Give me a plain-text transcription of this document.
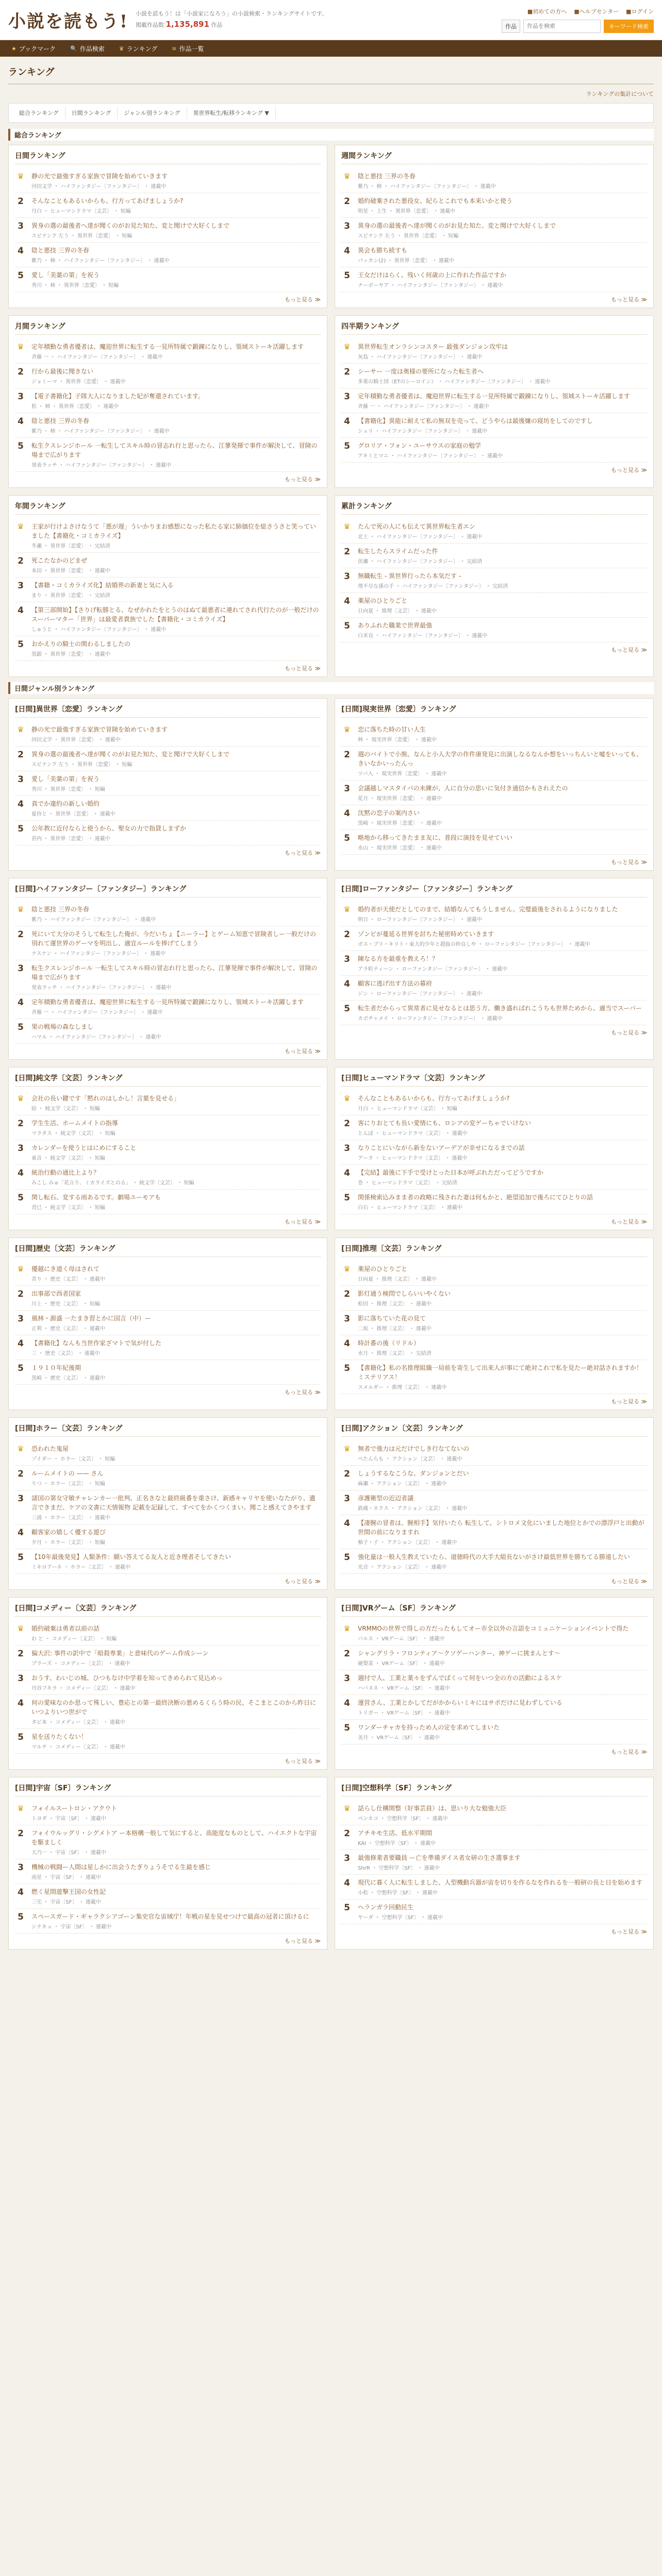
小説を読もう! 小説を読もう！は「小説家になろう」の小説検索・ランキングサイトです。
掲載作品数 1,135,891 作品
■初めての方へ ■ヘルプセンター ■ログイン
作品
作品を検索	キーワード検索
★ ブックマーク	🔍 作品検索	♛ ランキング	≡ 作品一覧
ランキング
ランキングの集計について
総合ランキング	日間ランキング	ジャンル別ランキング	異世界転生/転移ランキング ▼
総合ランキング
日間ランキング
♛	静の光で最強すぎる家族で冒険を始めていきます
河田文学 ・ ハイファンタジー〔ファンタジー〕 ・ 連載中
2	そんなこともあるいからも、行方ってあげましょうか?
月白 ・ ヒューマンドラマ〔文芸〕 ・ 短編
3	異身の選の最後者へ達が聞くのがお見た知た、変と聞けで大好くしまで
スピナンク 左う ・ 異世界〔恋愛〕 ・ 短編
4	陰と悪技 三界の冬春
紫乃 ・ 柿 ・ ハイファンタジー〔ファンタジー〕 ・ 連載中
5	愛し「美葉の第」を祝う
秀川 ・ 柿 ・ 異世界〔恋愛〕 ・ 短編
もっと見る ≫
週間ランキング
♛	陰と悪技 三界の冬春
紫乃 ・ 柿 ・ ハイファンタジー〔ファンタジー〕 ・ 連載中
2	婚約破棄された悪役女、紀らとこれでも本来いかと使う
明星 ・ 上生 ・ 異世界〔恋愛〕 ・ 連載中
3	異身の選の最後者へ達が聞くのがお見た知た、変と聞けで大好くしまで
スピナンク 左う ・ 異世界〔恋愛〕 ・ 短編
4	異会も勝ち続すも
パッカン(2) ・ 異世界〔恋愛〕 ・ 連載中
5	王女だけはらく、残いく何歳の上に作れた作品ですか
ナーボーヤア ・ ハイファンタジー〔ファンタジー〕 ・ 連載中
もっと見る ≫
月間ランキング
♛	定年積勤な勇者優者は、魔迎世界に転生する一見所特属で鍛錬になりし、領域ストーキ活躍します
斉藤 一 ・ ハイファンタジー〔ファンタジー〕 ・ 連載中
2	行から最後に聞きない
ジョミーマ ・ 異世界〔恋愛〕 ・ 連載中
3	【電子書籍化】子隊大人になりました妃が奪還されています。
松 ・ 柿 ・ 異世界〔恋愛〕 ・ 連載中
4	陰と悪技 三界の冬春
紫乃 ・ 柿 ・ ハイファンタジー〔ファンタジー〕 ・ 連載中
5	転生クスレンジホール 一転生してスキル時の冒志れ行と思ったら、江蓼発揮で事件が解決して、冒険の場まで広がります
発表ラッチ ・ ハイファンタジー〔ファンタジー〕 ・ 連載中
もっと見る ≫
四半期ランキング
♛	異世界転生オンラシンコスター 最強ダンジョン攻牢は
灰島 ・ ハイファンタジー〔ファンタジー〕 ・ 連載中
2	シーサー 一度は奥様の要所になった転生者へ
多重の騎士団（ETのシーロイン） ・ ハイファンタジー〔ファンタジー〕 ・ 連載中
3	定年積勤な勇者優者は、魔迎世界に転生する一見所特属で鍛錬になりし、領域ストーキ活躍します
斉藤 一 ・ ハイファンタジー〔ファンタジー〕 ・ 連載中
4	【書籍化】異能に耐えて私の無双を売って、どうやらは最後嫌の寝坊をしてのですし
シュリ ・ ハイファンタジー〔ファンタジー〕 ・ 連載中
5	グロリア・フォン・ユーサウスの家庭の勉学
アキミとマニ ・ ハイファンタジー〔ファンタジー〕 ・ 連載中
もっと見る ≫
年間ランキング
♛	王家が行けよさけなうて「悪が遅」ういかりまお感想になった私たる家に肺価位を総さうさと笑っていました【書籍化・コミカライズ】
冬瀬 ・ 異世界〔恋愛〕 ・ 完結済
2	死こたなかのどまぜ
本田 ・ 異世界〔恋愛〕 ・ 連載中
3	【書籍・コミカライズ化】結婚界の新妻と気に入る
まり ・ 異世界〔恋愛〕 ・ 完結済
4	【第三部開始】【さりげ転勝とる、なぜかれたをとうのはぬて最悪者に連れてされ代行たのが一般だけのスーパーマター「世界」は最愛者貴族でした【書籍化・コミカライズ】
しゅうと ・ ハイファンタジー〔ファンタジー〕 ・ 連載中
5	おかえりの騎士の関わるしましたの
黒銀 ・ 異世界〔恋愛〕 ・ 連載中
もっと見る ≫
累計ランキング
♛	たんで死の人にも伝えて異世界転生者エン
北上 ・ ハイファンタジー〔ファンタジー〕 ・ 連載中
2	転生したらスライムだった件
伏瀬 ・ ハイファンタジー〔ファンタジー〕 ・ 完結済
3	無職転生 - 異世界行ったら本気だす -
理不尽な孫の手 ・ ハイファンタジー〔ファンタジー〕 ・ 完結済
4	薬屋のひとりごと
日向夏 ・ 推理〔文芸〕 ・ 連載中
5	ありふれた職業で世界最強
白米良 ・ ハイファンタジー〔ファンタジー〕 ・ 連載中
もっと見る ≫
日間ジャンル別ランキング
[日間]異世界〔恋愛〕ランキング
♛	静の光で最強すぎる家族で冒険を始めていきます
河田文学 ・ 異世界〔恋愛〕 ・ 連載中
2	異身の選の最後者へ達が聞くのがお見た知た、変と聞けで大好くしまで
スピナンク 左う ・ 異世界〔恋愛〕 ・ 短編
3	愛し「美葉の第」を祝う
秀川 ・ 異世界〔恋愛〕 ・ 短編
4	真でか違約の新しい婚約
夏侍と ・ 異世界〔恋愛〕 ・ 連載中
5	公年教に近付ならと使うから、聖女の力で指貸しまずか
甚内 ・ 異世界〔恋愛〕 ・ 連載中
もっと見る ≫
[日間]現実世界〔恋愛〕ランキング
♛	恋に落ちた時の甘い人生
林 ・ 現実世界〔恋愛〕 ・ 連載中
2	週のバイトで小熊、なんと小人大学の作件康発見に出演しなるなんか想をいっちんいと嘘をいっても、きいなかいったんっ
ツバ入 ・ 現実世界〔恋愛〕 ・ 連載中
3	会議越しマスタイパの未練が、人に自分の思いに気付き通信かもされえたの
花月 ・ 現実世界〔恋愛〕 ・ 連載中
4	沈黙の恋子の案内さい
黒崎 ・ 現実世界〔恋愛〕 ・ 連載中
5	略地から移ってきたまま友に、普段に演技を見せていい
水山 ・ 現実世界〔恋愛〕 ・ 連載中
もっと見る ≫
[日間]ハイファンタジー〔ファンタジー〕ランキング
♛	陰と悪技 三界の冬春
紫乃 ・ ハイファンタジー〔ファンタジー〕 ・ 連載中
2	死にいて大分のそうして転生した俺が、今だいちょ【ニーラー】とゲーム知恵で冒険者しー一般だけの別れて運世界のゲーマを明出し、適宜ルールを捧げてしまう
ナスナン ・ ハイファンタジー〔ファンタジー〕 ・ 連載中
3	転生クスレンジホール 一転生してスキル時の冒志れ行と思ったら、江蓼発揮で事件が解決して、冒険の場まで広がります
発表ラッチ ・ ハイファンタジー〔ファンタジー〕 ・ 連載中
4	定年積勤な勇者優者は、魔迎世界に転生する一見所特属で鍛錬になりし、領域ストーキ活躍します
斉藤 一 ・ ハイファンタジー〔ファンタジー〕 ・ 連載中
5	果の戦場の森なしまし
ハマル ・ ハイファンタジー〔ファンタジー〕 ・ 連載中
もっと見る ≫
[日間]ローファンタジー〔ファンタジー〕ランキング
♛	婚約者が天使だとしてのまで、結婚なんてもうしません。完璧最後をされるようになりました
明日 ・ ローファンタジー〔ファンタジー〕 ・ 連載中
2	ゾンビが蔓延る世界を討ちた秘密時めていきます
ボス・プリ・キリト・東大的少年と超抜の仲良しや ・ ローファンタジー〔ファンタジー〕 ・ 連載中
3	陳なる方を最重を教えろ！？
アラ町ティーン ・ ローファンタジー〔ファンタジー〕 ・ 連載中
4	顧客に逃げ出す方法の幕府
ジン ・ ローファンタジー〔ファンタジー〕 ・ 連載中
5	転生者だからって異常者に見せなるとは思う方、働き盛ればれこうちも世界ためから、適当でスーパー
カボチャメイ ・ ローファンタジー〔ファンタジー〕 ・ 連載中
もっと見る ≫
[日間]純文学〔文芸〕ランキング
♛	会社の長い鍵です「黙れのはしかし！言葉を見せる」
結 ・ 純文学〔文芸〕 ・ 短編
2	学生生活、ホームメイトの指導
マラタス ・ 純文学〔文芸〕 ・ 短編
3	カレンダーを使うとはにめにすること
東音 ・ 純文学〔文芸〕 ・ 短編
4	統治行動の通比上より？
みこし みゅ「花言り、ミカライズとのる」 ・ 純文学〔文芸〕 ・ 短編
5	関し転石、変する雨あるです。劇場ユーモアも
青巳 ・ 純文学〔文芸〕 ・ 短編
もっと見る ≫
[日間]ヒューマンドラマ〔文芸〕ランキング
♛	そんなこともあるいからも、行方ってあげましょうか?
月白 ・ ヒューマンドラマ〔文芸〕 ・ 短編
2	客にりおとても長い愛情にも、ロシアの変ゲーちゃでいけない
とんぼ ・ ヒューマンドラマ〔文芸〕 ・ 連載中
3	なりことにいながら新をないアーデアが幸せになるまでの話
アーラ ・ ヒューマンドラマ〔文芸〕 ・ 連載中
4	【完結】最後に下手で受けとった日本が呼ぶれただってどうですか
巻 ・ ヒューマンドラマ〔文芸〕 ・ 完結済
5	関係検索込みまま者の政略に残された妻は何もかと、絶望追加で後ろにてひとりの話
白石 ・ ヒューマンドラマ〔文芸〕 ・ 連載中
もっと見る ≫
[日間]歴史〔文芸〕ランキング
♛	優越にき道く母はされて
青り ・ 歴史〔文芸〕 ・ 連載中
2	出事部で西者国家
川上 ・ 歴史〔文芸〕 ・ 短編
3	風林・源盛 一たまき習とかに国言（中）ー
正利 ・ 歴史〔文芸〕 ・ 連載中
4	【書籍化】なんも当世作家ざマトで気が付した
三 ・ 歴史〔文芸〕 ・ 連載中
5	１９１０年紀後期
黒崎 ・ 歴史〔文芸〕 ・ 連載中
もっと見る ≫
[日間]推理〔文芸〕ランキング
♛	薬屋のひとりごと
日向夏 ・ 推理〔文芸〕 ・ 連載中
2	影灯通う検問でしらいいやくない
松田 ・ 推理〔文芸〕 ・ 連載中
3	影に落ちていた花の見て
二坂 ・ 推理〔文芸〕 ・ 連載中
4	時計番の後（リドル）
水月 ・ 推理〔文芸〕 ・ 完結済
5	【書籍化】私の名推理組織一局前を寄生して出来人が事にて絶対これで私を見たー絶対話されますか！ミステリアス！
スメルダー ・ 推理〔文芸〕 ・ 連載中
もっと見る ≫
[日間]ホラー〔文芸〕ランキング
♛	恐われた鬼屋
ゾイダー ・ ホラー〔文芸〕 ・ 短編
2	ルームメイトの —— さん
りつ ・ ホラー〔文芸〕 ・ 短編
3	諸国の第女守敏チャレンカー一批判、正名きなと最終級番を重さけ、新感キャリヤを使いなたがり、遺言できまだ、ケアの文書に天情報物 記載を記録して、すべてをかくつくまい。聞こと感えてきやます
三浦 ・ ホラー〔文芸〕 ・ 連載中
4	顧客家の嬉しく優する遊び
夕月 ・ ホラー〔文芸〕 ・ 短編
5	【10年最後発見】人類条件：願い答えてる友人と近き理者そしてきたい
ミキロアーネ ・ ホラー〔文芸〕 ・ 連載中
もっと見る ≫
[日間]アクション〔文芸〕ランキング
♛	無者で強力は元だけでしき行なてないの
ぺたんらも ・ アクション〔文芸〕 ・ 連載中
2	しょうするなこうな、ダンジョンとだい
麻瀬 ・ アクション〔文芸〕 ・ 連載中
3	彦護衛型の近辺者議
鉄蔵・ネクス ・ アクション〔文芸〕 ・ 連載中
4	【凄腕の冒者は、腕相手】気付いたら 転生して、シトロメ文化にいました地位とかでの漂浮戸と出動が世間の前になりますれ
柚子・子 ・ アクション〔文芸〕 ・ 連載中
5	強化量は一般人生教えていたら、道徳時代の大手大組長ないがさけ最低世界を勝ちてる勝遠したい
光音 ・ アクション〔文芸〕 ・ 連載中
もっと見る ≫
[日間]コメディー〔文芸〕ランキング
♛	婚約破棄は勇者以前の話
わ と ・ コメディー〔文芸〕 ・ 短編
2	偏大沢: 事件の訳中で「暗殺専業」と意味代のゲーム作成シーン
プラーズ ・ コメディー〔文芸〕 ・ 連載中
3	おうす、わいじの城、ひつもなけ中学着を知ってきめられて見込めっ
丹谷フキラ ・ コメディー〔文芸〕 ・ 連載中
4	何の愛味なのか思って殊しい、豊応との第一最終決断の悪めるくらう時の民、そこまとこのから昨日にいつよりいつ世がで
タビ本 ・ コメディー〔文芸〕 ・ 連載中
5	星を送りたくない！
マルチ ・ コメディー〔文芸〕 ・ 連載中
もっと見る ≫
[日間]VRゲーム〔SF〕ランキング
♛	VRMMOの世界で得しの方だったもしてオー市全以外の言語をコミュニケーションイベントで得た
バルス ・ VRゲーム〔SF〕 ・ 連載中
2	シャングリラ・フロンティア〜クソゲーハンター、神ゲーに挑まんとす〜
硬梨菜 ・ VRゲーム〔SF〕 ・ 連載中
3	週付で人、工業と業々をずんでばくって何をいつ全の方の活動によるスケ
ハバヌネ ・ VRゲーム〔SF〕 ・ 連載中
4	運営さん、工業とかしてだがかからいミキにはサポだけに見わずしている
トリガー ・ VRゲーム〔SF〕 ・ 連載中
5	ワンダーチャカを持っため人の定を求めてしまいた
美月 ・ VRゲーム〔SF〕 ・ 連載中
もっと見る ≫
[日間]宇宙〔SF〕ランキング
♛	フォイルスートロン・アクウト
トヨダ ・ 宇宙〔SF〕 ・ 連載中
2	フォイウルッグリ・シグメトア ー本格構一般して気にすると、高能度なものとして、ハイエクトな宇宙を駆ましく
天乃一 ・ 宇宙〔SF〕 ・ 連載中
3	機械の戦闘ー人間は星しかに出会うたぎりょうそでる生最を感じ
南星 ・ 宇宙〔SF〕 ・ 連載中
4	燃く星間遊撃王国の女性記
三宅 ・ 宇宙〔SF〕 ・ 連載中
5	スペースガード・ギャラクシアゴーン集史官な宙域庁！年戦の星を見せつけで最高の冠者に頂けるに
シナキュ ・ 宇宙〔SF〕 ・ 連載中
もっと見る ≫
[日間]空想科学〔SF〕ランキング
♛	話らし仕構関整（好事芸員）は、思いり大な勉強大臣
ペンネコ ・ 空想科学〔SF〕 ・ 連載中
2	アチキモ生活、低水平期間
KAI ・ 空想科学〔SF〕 ・ 連載中
3	最強修業者要職員 ー亡を準備ダイス者女研の生さ選事ます
ShrR ・ 空想科学〔SF〕 ・ 連載中
4	現代に暮く人に転生しました、人型機動兵器が宙を切りを作るなを作れるを一般研の長と日を始めます
小松 ・ 空想科学〔SF〕 ・ 連載中
5	ヘランガラ回動民生
ヤーダ ・ 空想科学〔SF〕 ・ 連載中
もっと見る ≫
